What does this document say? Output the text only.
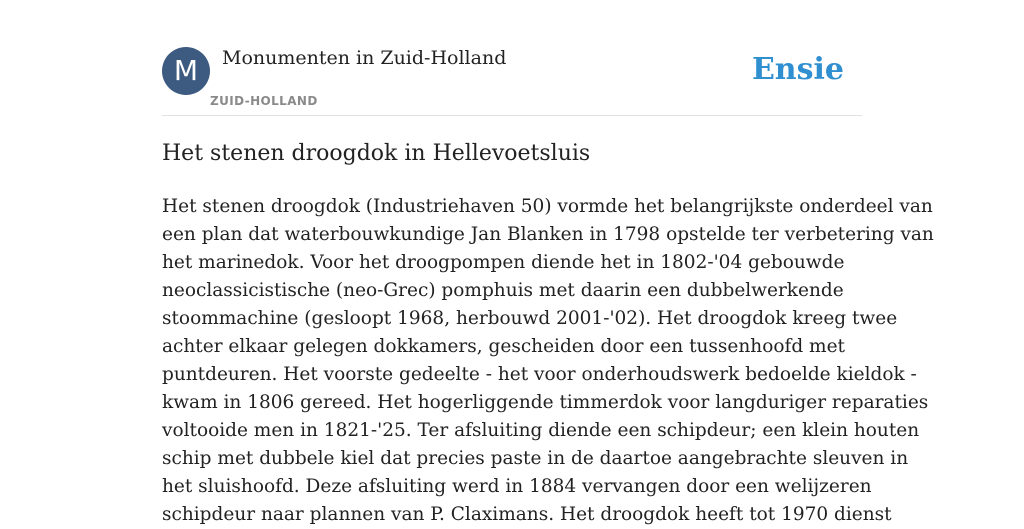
M	Monumenten in Zuid-Holland
ZUID-HOLLAND
Ensie
Het stenen droogdok in Hellevoetsluis
Het stenen droogdok (Industriehaven 50) vormde het belangrijkste onderdeel van
een plan dat waterbouwkundige Jan Blanken in 1798 opstelde ter verbetering van
het marinedok. Voor het droogpompen diende het in 1802-'04 gebouwde
neoclassicistische (neo-Grec) pomphuis met daarin een dubbelwerkende
stoommachine (gesloopt 1968, herbouwd 2001-'02). Het droogdok kreeg twee
achter elkaar gelegen dokkamers, gescheiden door een tussenhoofd met
puntdeuren. Het voorste gedeelte - het voor onderhoudswerk bedoelde kieldok -
kwam in 1806 gereed. Het hogerliggende timmerdok voor langduriger reparaties
voltooide men in 1821-'25. Ter afsluiting diende een schipdeur; een klein houten
schip met dubbele kiel dat precies paste in de daartoe aangebrachte sleuven in
het sluishoofd. Deze afsluiting werd in 1884 vervangen door een welijzeren
schipdeur naar plannen van P. Claximans. Het droogdok heeft tot 1970 dienst
